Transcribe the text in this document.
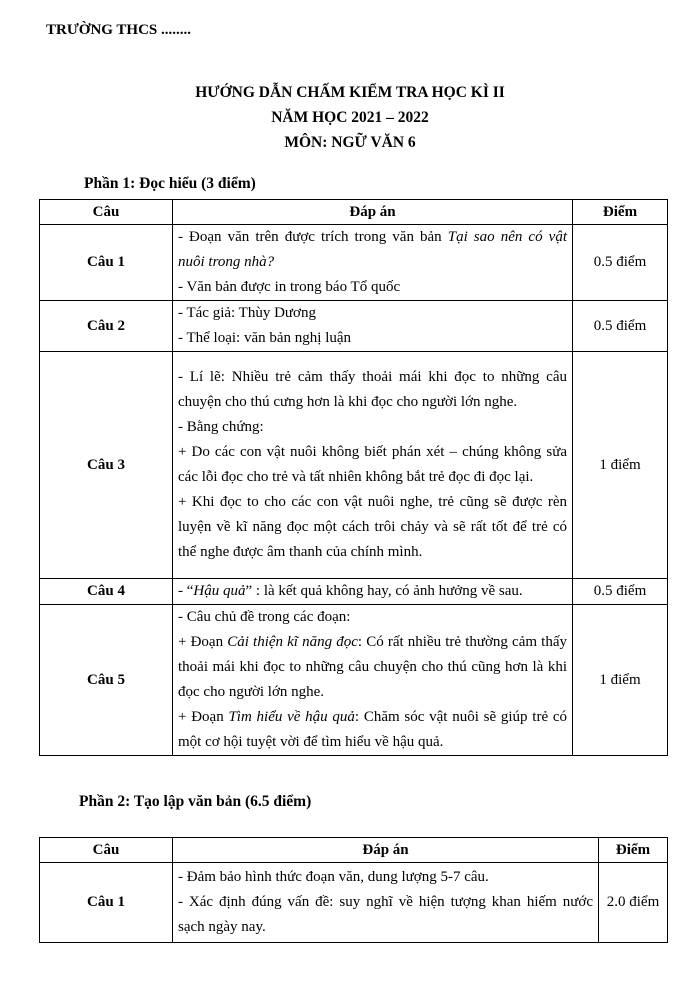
TRƯỜNG THCS ........
HƯỚNG DẪN CHẤM KIỂM TRA HỌC KÌ II
NĂM HỌC 2021 – 2022
MÔN: NGỮ VĂN 6
Phần 1: Đọc hiểu (3 điểm)
Câu	Đáp án	Điểm
Câu 1	- Đoạn văn trên được trích trong văn bản Tại sao nên có vật nuôi trong nhà?
- Văn bản được in trong báo Tổ quốc	0.5 điểm
Câu 2	- Tác giả: Thùy Dương
- Thể loại: văn bản nghị luận	0.5 điểm
Câu 3	- Lí lẽ: Nhiều trẻ cảm thấy thoải mái khi đọc to những câu chuyện cho thú cưng hơn là khi đọc cho người lớn nghe.
- Bằng chứng:
+ Do các con vật nuôi không biết phán xét – chúng không sửa các lỗi đọc cho trẻ và tất nhiên không bắt trẻ đọc đi đọc lại.
+ Khi đọc to cho các con vật nuôi nghe, trẻ cũng sẽ được rèn luyện về kĩ năng đọc một cách trôi chảy và sẽ rất tốt để trẻ có thể nghe được âm thanh của chính mình.	1 điểm
Câu 4	- “Hậu quả” : là kết quả không hay, có ảnh hưởng về sau.	0.5 điểm
Câu 5	- Câu chủ đề trong các đoạn:
+ Đoạn Cải thiện kĩ năng đọc: Có rất nhiều trẻ thường cảm thấy thoải mái khi đọc to những câu chuyện cho thú cũng hơn là khi đọc cho người lớn nghe.
+ Đoạn Tìm hiểu về hậu quả: Chăm sóc vật nuôi sẽ giúp trẻ có một cơ hội tuyệt vời để tìm hiểu về hậu quả.	1 điểm
Phần 2: Tạo lập văn bản (6.5 điểm)
Câu	Đáp án	Điểm
Câu 1	- Đảm bảo hình thức đoạn văn, dung lượng 5-7 câu.
- Xác định đúng vấn đề: suy nghĩ về hiện tượng khan hiếm nước sạch ngày nay.	2.0 điểm
